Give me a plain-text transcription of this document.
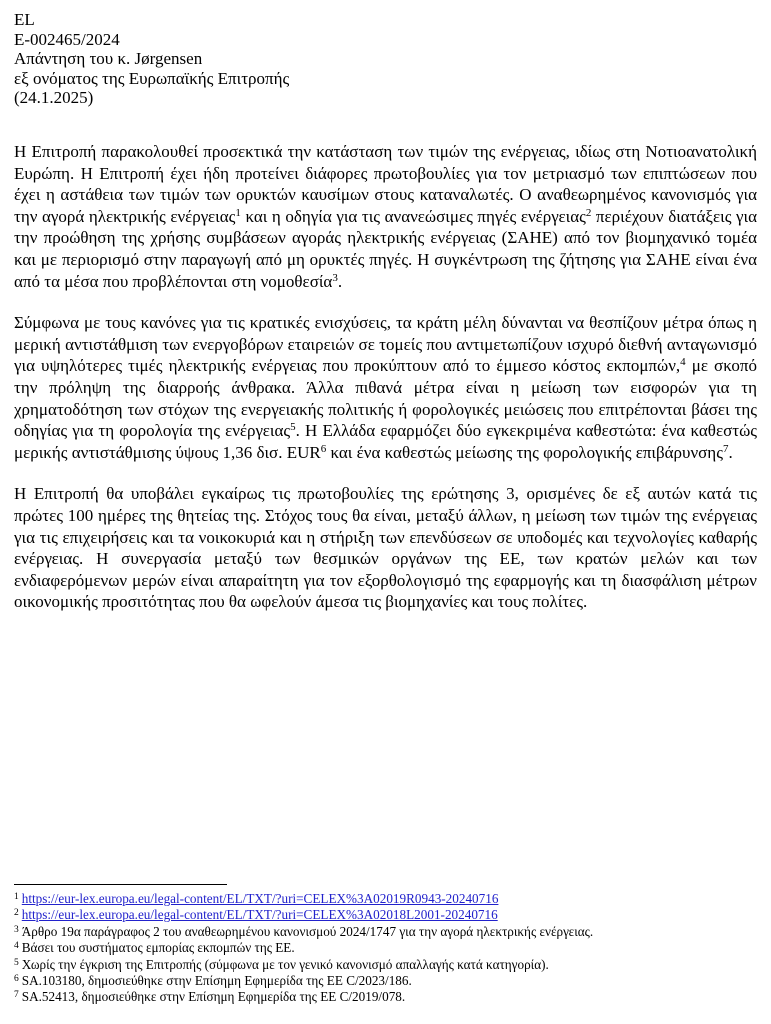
EL
E-002465/2024
Απάντηση του κ. Jørgensen
εξ ονόματος της Ευρωπαϊκής Επιτροπής
(24.1.2025)
Η Επιτροπή παρακολουθεί προσεκτικά την κατάσταση των τιμών της ενέργειας, ιδίως στη Νοτιοανατολική Ευρώπη. Η Επιτροπή έχει ήδη προτείνει διάφορες πρωτοβουλίες για τον μετριασμό των επιπτώσεων που έχει η αστάθεια των τιμών των ορυκτών καυσίμων στους καταναλωτές. Ο αναθεωρημένος κανονισμός για την αγορά ηλεκτρικής ενέργειας$^1$ και η οδηγία για τις ανανεώσιμες πηγές ενέργειας$^2$ περιέχουν διατάξεις για την προώθηση της χρήσης συμβάσεων αγοράς ηλεκτρικής ενέργειας (ΣΑΗΕ) από τον βιομηχανικό τομέα και με περιορισμό στην παραγωγή από μη ορυκτές πηγές. Η συγκέντρωση της ζήτησης για ΣΑΗΕ είναι ένα από τα μέσα που προβλέπονται στη νομοθεσία$^3$.
Σύμφωνα με τους κανόνες για τις κρατικές ενισχύσεις, τα κράτη μέλη δύνανται να θεσπίζουν μέτρα όπως η μερική αντιστάθμιση των ενεργοβόρων εταιρειών σε τομείς που αντιμετωπίζουν ισχυρό διεθνή ανταγωνισμό για υψηλότερες τιμές ηλεκτρικής ενέργειας που προκύπτουν από το έμμεσο κόστος εκπομπών,$^4$ με σκοπό την πρόληψη της διαρροής άνθρακα. Άλλα πιθανά μέτρα είναι η μείωση των εισφορών για τη χρηματοδότηση των στόχων της ενεργειακής πολιτικής ή φορολογικές μειώσεις που επιτρέπονται βάσει της οδηγίας για τη φορολογία της ενέργειας$^5$. Η Ελλάδα εφαρμόζει δύο εγκεκριμένα καθεστώτα: ένα καθεστώς μερικής αντιστάθμισης ύψους 1,36 δισ. EUR$^6$ και ένα καθεστώς μείωσης της φορολογικής επιβάρυνσης$^7$.
Η Επιτροπή θα υποβάλει εγκαίρως τις πρωτοβουλίες της ερώτησης 3, ορισμένες δε εξ αυτών κατά τις πρώτες 100 ημέρες της θητείας της. Στόχος τους θα είναι, μεταξύ άλλων, η μείωση των τιμών της ενέργειας για τις επιχειρήσεις και τα νοικοκυριά και η στήριξη των επενδύσεων σε υποδομές και τεχνολογίες καθαρής ενέργειας. Η συνεργασία μεταξύ των θεσμικών οργάνων της ΕΕ, των κρατών μελών και των ενδιαφερόμενων μερών είναι απαραίτητη για τον εξορθολογισμό της εφαρμογής και τη διασφάλιση μέτρων οικονομικής προσιτότητας που θα ωφελούν άμεσα τις βιομηχανίες και τους πολίτες.
$^1$ https://eur-lex.europa.eu/legal-content/EL/TXT/?uri=CELEX%3A02019R0943-20240716
$^2$ https://eur-lex.europa.eu/legal-content/EL/TXT/?uri=CELEX%3A02018L2001-20240716
$^3$ Άρθρο 19α παράγραφος 2 του αναθεωρημένου κανονισμού 2024/1747 για την αγορά ηλεκτρικής ενέργειας.
$^4$ Βάσει του συστήματος εμπορίας εκπομπών της ΕΕ.
$^5$ Χωρίς την έγκριση της Επιτροπής (σύμφωνα με τον γενικό κανονισμό απαλλαγής κατά κατηγορία).
$^6$ SA.103180, δημοσιεύθηκε στην Επίσημη Εφημερίδα της ΕΕ C/2023/186.
$^7$ SA.52413, δημοσιεύθηκε στην Επίσημη Εφημερίδα της ΕΕ C/2019/078.
